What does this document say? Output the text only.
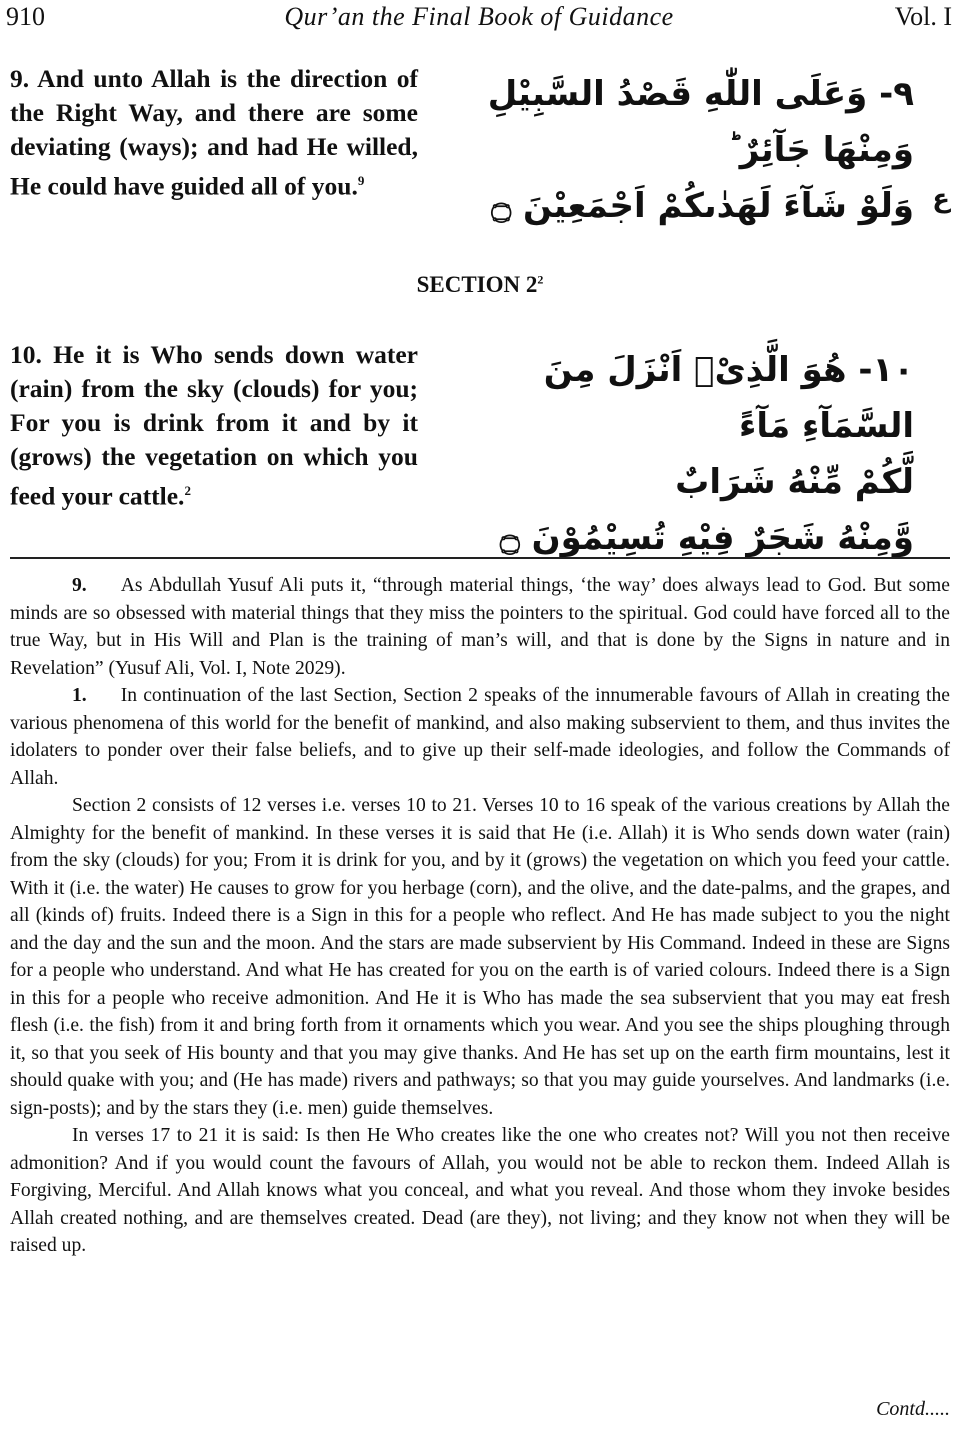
910	Qur’an the Final Book of Guidance	Vol. I
9. And unto Allah is the direction of the Right Way, and there are some deviating (ways); and had He willed, He could have guided all of you.$^9$
۹- وَعَلَى اللّٰهِ قَصْدُ السَّبِيْلِ
وَمِنْهَا جَآئِرٌ ؕ
وَلَوْ شَآءَ لَهَدٰىكُمْ اَجْمَعِيْنَ ۝ ع
SECTION $2^2$
10. He it is Who sends down water (rain) from the sky (clouds) for you; For you is drink from it and by it (grows) the vegetation on which you feed your cattle.$^2$
۱۰- هُوَ الَّذِىْۤ اَنْزَلَ مِنَ السَّمَآءِ مَآءً
لَّكُمْ مِّنْهُ شَرَابٌ
وَّمِنْهُ شَجَرٌ فِيْهِ تُسِيْمُوْنَ ۝

9. As Abdullah Yusuf Ali puts it, “through material things, ‘the way’ does always lead to God. But some minds are so obsessed with material things that they miss the pointers to the spiritual. God could have forced all to the true Way, but in His Will and Plan is the training of man’s will, and that is done by the Signs in nature and in Revelation” (Yusuf Ali, Vol. I, Note 2029).

1. In continuation of the last Section, Section 2 speaks of the innumerable favours of Allah in creating the various phenomena of this world for the benefit of mankind, and also making subservient to them, and thus invites the idolaters to ponder over their false beliefs, and to give up their self-made ideologies, and follow the Commands of Allah.

Section 2 consists of 12 verses i.e. verses 10 to 21. Verses 10 to 16 speak of the various creations by Allah the Almighty for the benefit of mankind. In these verses it is said that He (i.e. Allah) it is Who sends down water (rain) from the sky (clouds) for you; From it is drink for you, and by it (grows) the vegetation on which you feed your cattle. With it (i.e. the water) He causes to grow for you herbage (corn), and the olive, and the date-palms, and the grapes, and all (kinds of) fruits. Indeed there is a Sign in this for a people who reflect. And He has made subject to you the night and the day and the sun and the moon. And the stars are made subservient by His Command. Indeed in these are Signs for a people who understand. And what He has created for you on the earth is of varied colours. Indeed there is a Sign in this for a people who receive admonition. And He it is Who has made the sea subservient that you may eat fresh flesh (i.e. the fish) from it and bring forth from it ornaments which you wear. And you see the ships ploughing through it, so that you seek of His bounty and that you may give thanks. And He has set up on the earth firm mountains, lest it should quake with you; and (He has made) rivers and pathways; so that you may guide yourselves. And landmarks (i.e. sign-posts); and by the stars they (i.e. men) guide themselves.

In verses 17 to 21 it is said: Is then He Who creates like the one who creates not? Will you not then receive admonition? And if you would count the favours of Allah, you would not be able to reckon them. Indeed Allah is Forgiving, Merciful. And Allah knows what you conceal, and what you reveal. And those whom they invoke besides Allah created nothing, and are themselves created. Dead (are they), not living; and they know not when they will be raised up.

Contd.....
